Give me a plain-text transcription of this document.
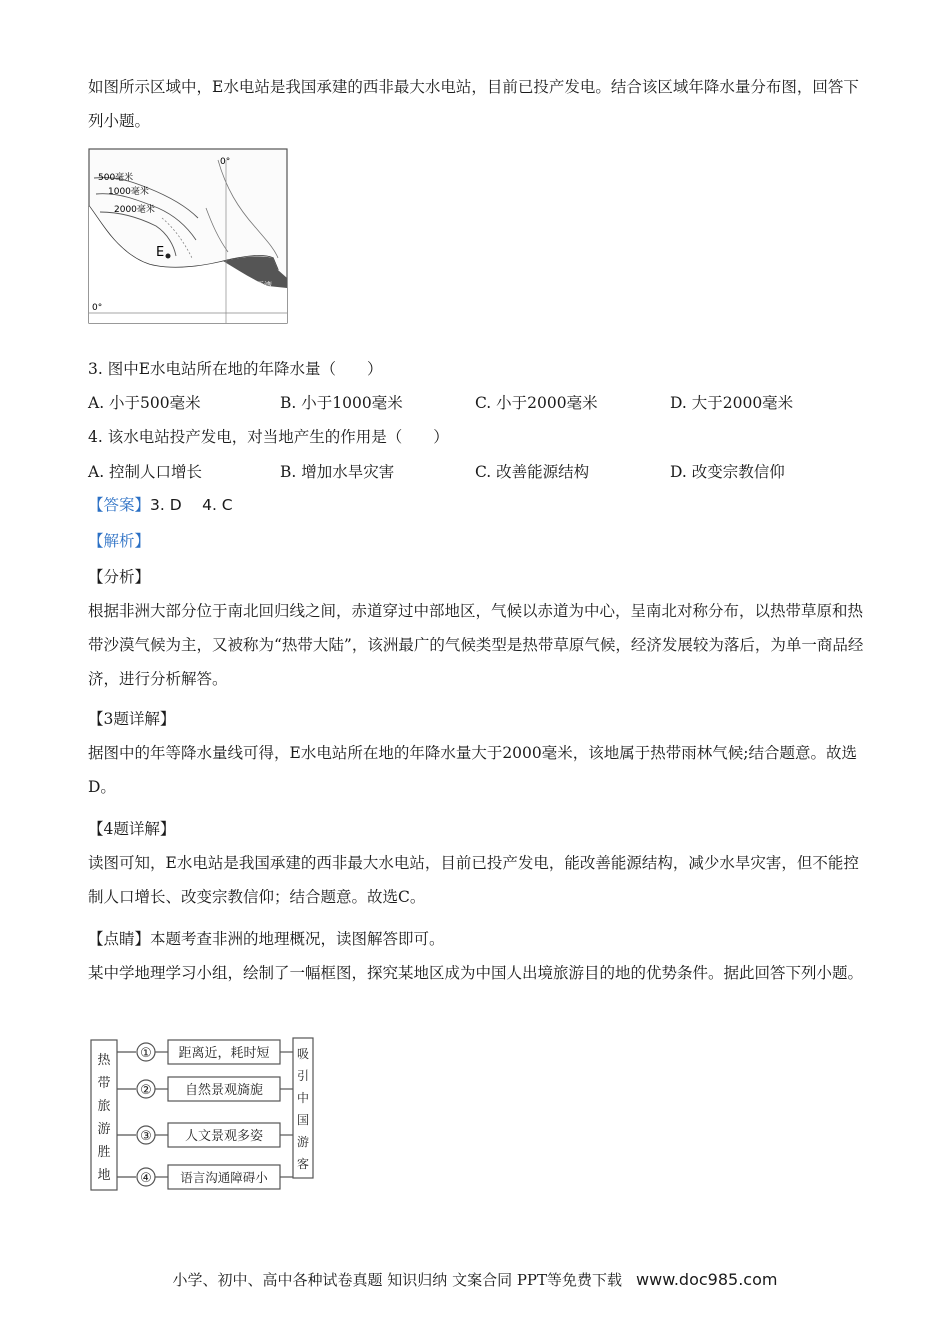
如图所示区域中，E水电站是我国承建的西非最大水电站，目前已投产发电。结合该区域年降水量分布图，回答下列小题。
500毫米
1000毫米
2000毫米
E
0°
0°
几内亚湾
3. 图中E水电站所在地的年降水量（　　）
A. 小于500毫米	B. 小于1000毫米	C. 小于2000毫米	D. 大于2000毫米
4. 该水电站投产发电，对当地产生的作用是（　　）
A. 控制人口增长	B. 增加水旱灾害	C. 改善能源结构	D. 改变宗教信仰
【答案】3. D　 4. C
【解析】
【分析】
根据非洲大部分位于南北回归线之间，赤道穿过中部地区，气候以赤道为中心，呈南北对称分布，以热带草原和热带沙漠气候为主，又被称为“热带大陆”，该洲最广的气候类型是热带草原气候，经济发展较为落后，为单一商品经济，进行分析解答。
【3题详解】
据图中的年等降水量线可得，E水电站所在地的年降水量大于2000毫米，该地属于热带雨林气候;结合题意。故选D。
【4题详解】
读图可知，E水电站是我国承建的西非最大水电站，目前已投产发电，能改善能源结构，减少水旱灾害，但不能控制人口增长、改变宗教信仰；结合题意。故选C。
【点睛】本题考查非洲的地理概况，读图解答即可。
某中学地理学习小组，绘制了一幅框图，探究某地区成为中国人出境旅游目的地的优势条件。据此回答下列小题。
热
带
旅
游
胜
地
吸
引
中
国
游
客
① 距离近，耗时短
②	自然景观旖旎
③	人文景观多姿
④ 语言沟通障碍小
小学、初中、高中各种试卷真题 知识归纳 文案合同 PPT等免费下载 www.doc985.com
